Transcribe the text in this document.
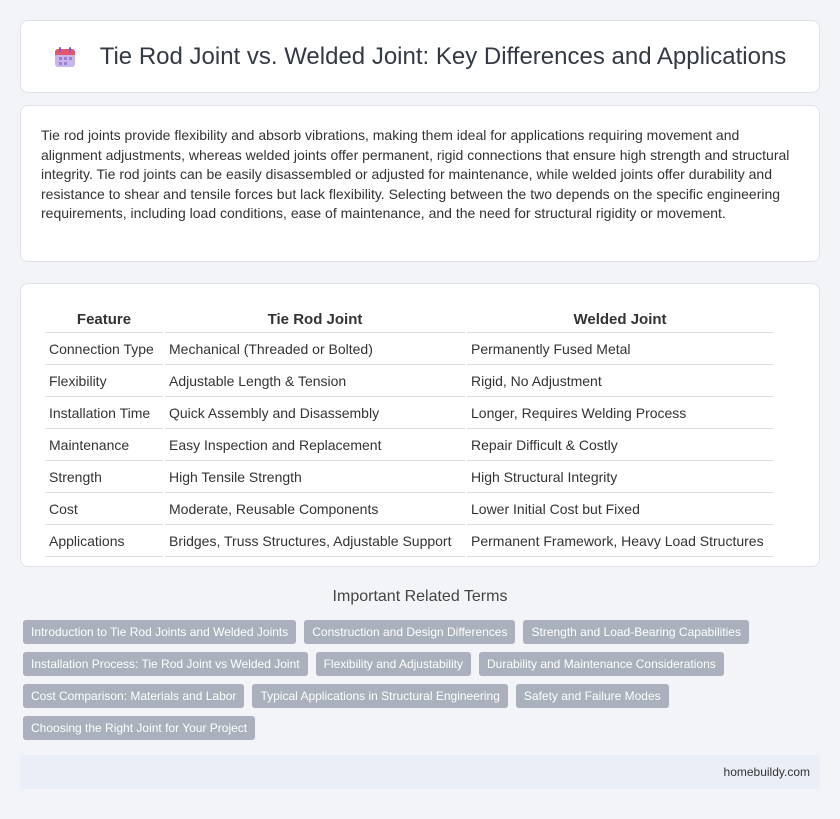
Tie Rod Joint vs. Welded Joint: Key Differences and Applications

Tie rod joints provide flexibility and absorb vibrations, making them ideal for applications requiring movement and alignment adjustments, whereas welded joints offer permanent, rigid connections that ensure high strength and structural integrity. Tie rod joints can be easily disassembled or adjusted for maintenance, while welded joints offer durability and resistance to shear and tensile forces but lack flexibility. Selecting between the two depends on the specific engineering requirements, including load conditions, ease of maintenance, and the need for structural rigidity or movement.

Feature	Tie Rod Joint	Welded Joint
Connection Type	Mechanical (Threaded or Bolted)	Permanently Fused Metal
Flexibility	Adjustable Length & Tension	Rigid, No Adjustment
Installation Time	Quick Assembly and Disassembly	Longer, Requires Welding Process
Maintenance	Easy Inspection and Replacement	Repair Difficult & Costly
Strength	High Tensile Strength	High Structural Integrity
Cost	Moderate, Reusable Components	Lower Initial Cost but Fixed
Applications	Bridges, Truss Structures, Adjustable Support	Permanent Framework, Heavy Load Structures
Important Related Terms
Introduction to Tie Rod Joints and Welded Joints	Construction and Design Differences	Strength and Load-Bearing Capabilities
Installation Process: Tie Rod Joint vs Welded Joint	Flexibility and Adjustability	Durability and Maintenance Considerations
Cost Comparison: Materials and Labor	Typical Applications in Structural Engineering	Safety and Failure Modes
Choosing the Right Joint for Your Project
homebuildy.com
